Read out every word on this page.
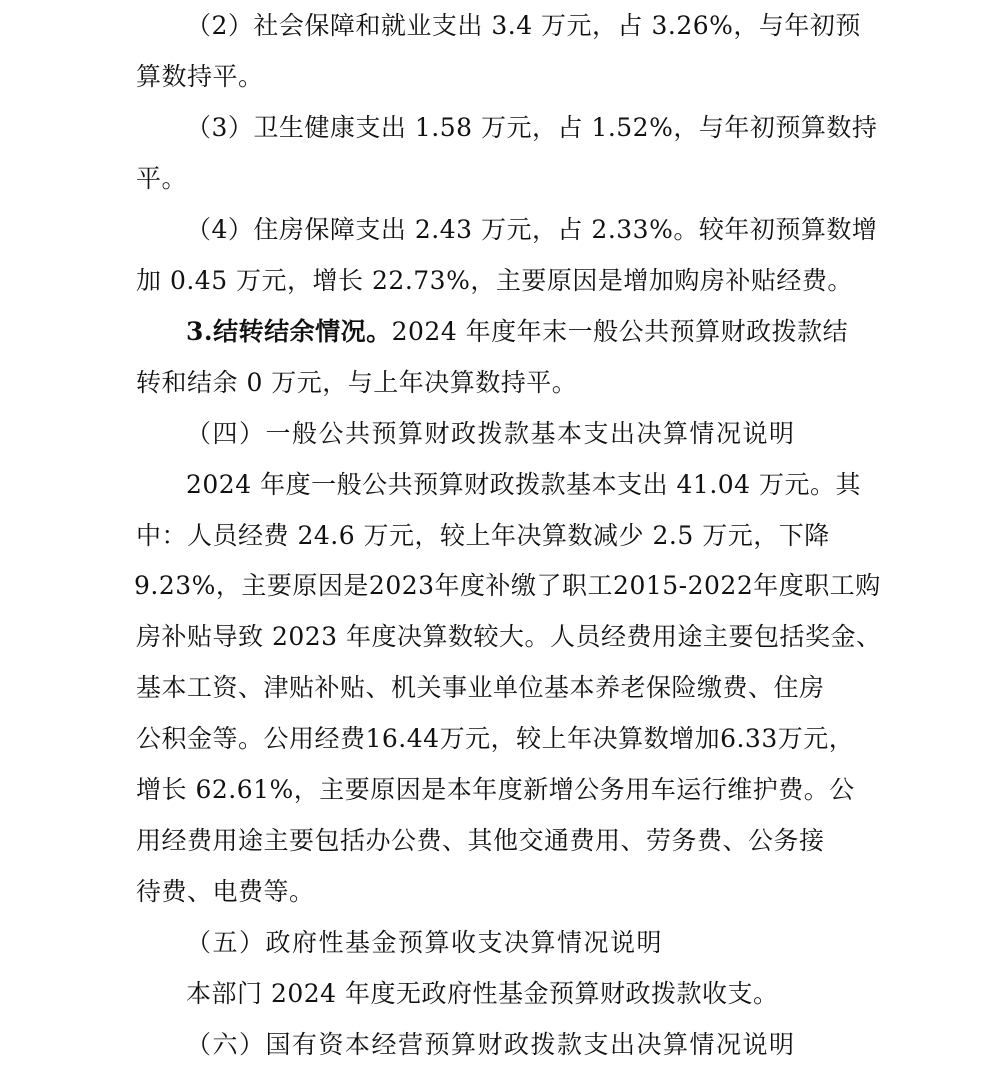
（2）社会保障和就业支出 3.4 万元，占 3.26%，与年初预
算数持平。
（3）卫生健康支出 1.58 万元，占 1.52%，与年初预算数持
平。
（4）住房保障支出 2.43 万元，占 2.33%。较年初预算数增
加 0.45 万元，增长 22.73%，主要原因是增加购房补贴经费。
3.结转结余情况。2024 年度年末一般公共预算财政拨款结
转和结余 0 万元，与上年决算数持平。
（四）一般公共预算财政拨款基本支出决算情况说明
2024 年度一般公共预算财政拨款基本支出 41.04 万元。其
中：人员经费 24.6 万元，较上年决算数减少 2.5 万元，下降
9.23%，主要原因是2023年度补缴了职工2015-2022年度职工购
房补贴导致 2023 年度决算数较大。人员经费用途主要包括奖金、
基本工资、津贴补贴、机关事业单位基本养老保险缴费、住房
公积金等。公用经费16.44万元，较上年决算数增加6.33万元，
增长 62.61%，主要原因是本年度新增公务用车运行维护费。公
用经费用途主要包括办公费、其他交通费用、劳务费、公务接
待费、电费等。
（五）政府性基金预算收支决算情况说明
本部门 2024 年度无政府性基金预算财政拨款收支。
（六）国有资本经营预算财政拨款支出决算情况说明
